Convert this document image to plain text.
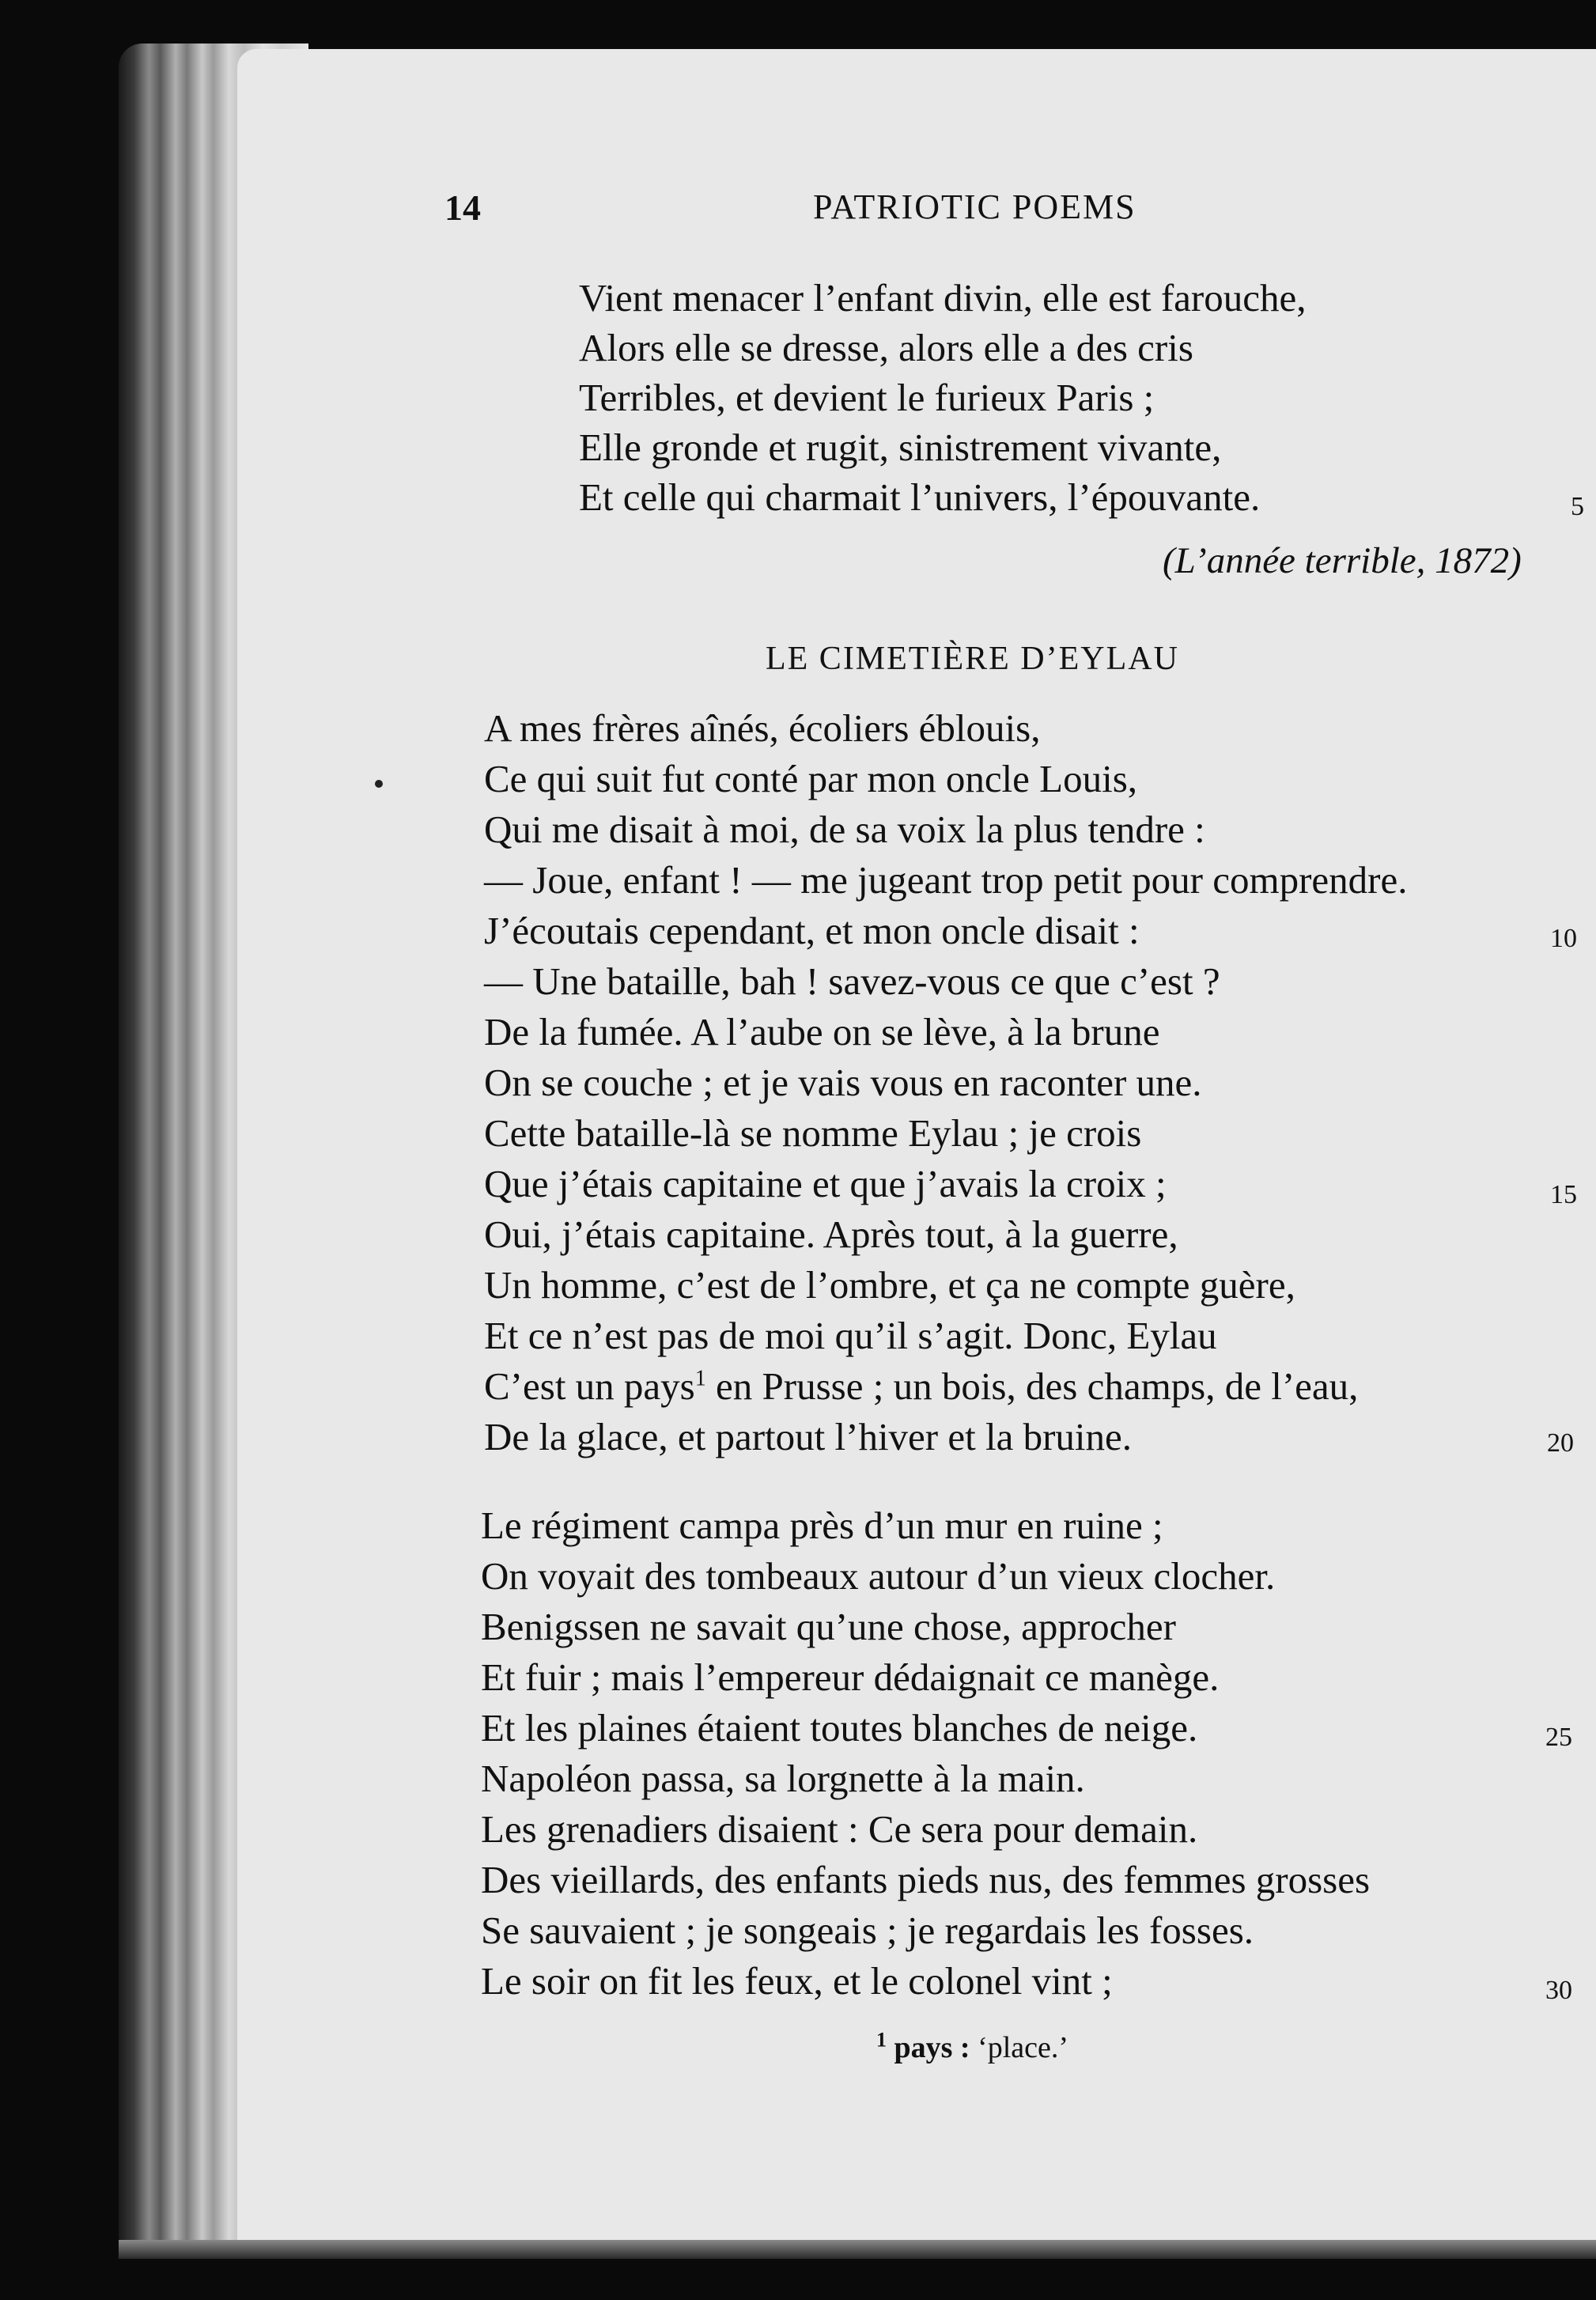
14	PATRIOTIC POEMS
Vient menacer l’enfant divin, elle est farouche,
Alors elle se dresse, alors elle a des cris
Terribles, et devient le furieux Paris ;
Elle gronde et rugit, sinistrement vivante,
Et celle qui charmait l’univers, l’épouvante.	5
(L’année terrible, 1872)
LE CIMETIÈRE D’EYLAU
A mes frères aînés, écoliers éblouis,
Ce qui suit fut conté par mon oncle Louis,
Qui me disait à moi, de sa voix la plus tendre :
— Joue, enfant ! — me jugeant trop petit pour comprendre.
J’écoutais cependant, et mon oncle disait :	10
— Une bataille, bah ! savez-vous ce que c’est ?
De la fumée. A l’aube on se lève, à la brune
On se couche ; et je vais vous en raconter une.
Cette bataille-là se nomme Eylau ; je crois
Que j’étais capitaine et que j’avais la croix ;	15
Oui, j’étais capitaine. Après tout, à la guerre,
Un homme, c’est de l’ombre, et ça ne compte guère,
Et ce n’est pas de moi qu’il s’agit. Donc, Eylau
C’est un pays$^1$ en Prusse ; un bois, des champs, de l’eau,
De la glace, et partout l’hiver et la bruine.	20
Le régiment campa près d’un mur en ruine ;
On voyait des tombeaux autour d’un vieux clocher.
Benigssen ne savait qu’une chose, approcher
Et fuir ; mais l’empereur dédaignait ce manège.
Et les plaines étaient toutes blanches de neige.	25
Napoléon passa, sa lorgnette à la main.
Les grenadiers disaient : Ce sera pour demain.
Des vieillards, des enfants pieds nus, des femmes grosses
Se sauvaient ; je songeais ; je regardais les fosses.
Le soir on fit les feux, et le colonel vint ;	30
$^1$ pays : ‘place.’
